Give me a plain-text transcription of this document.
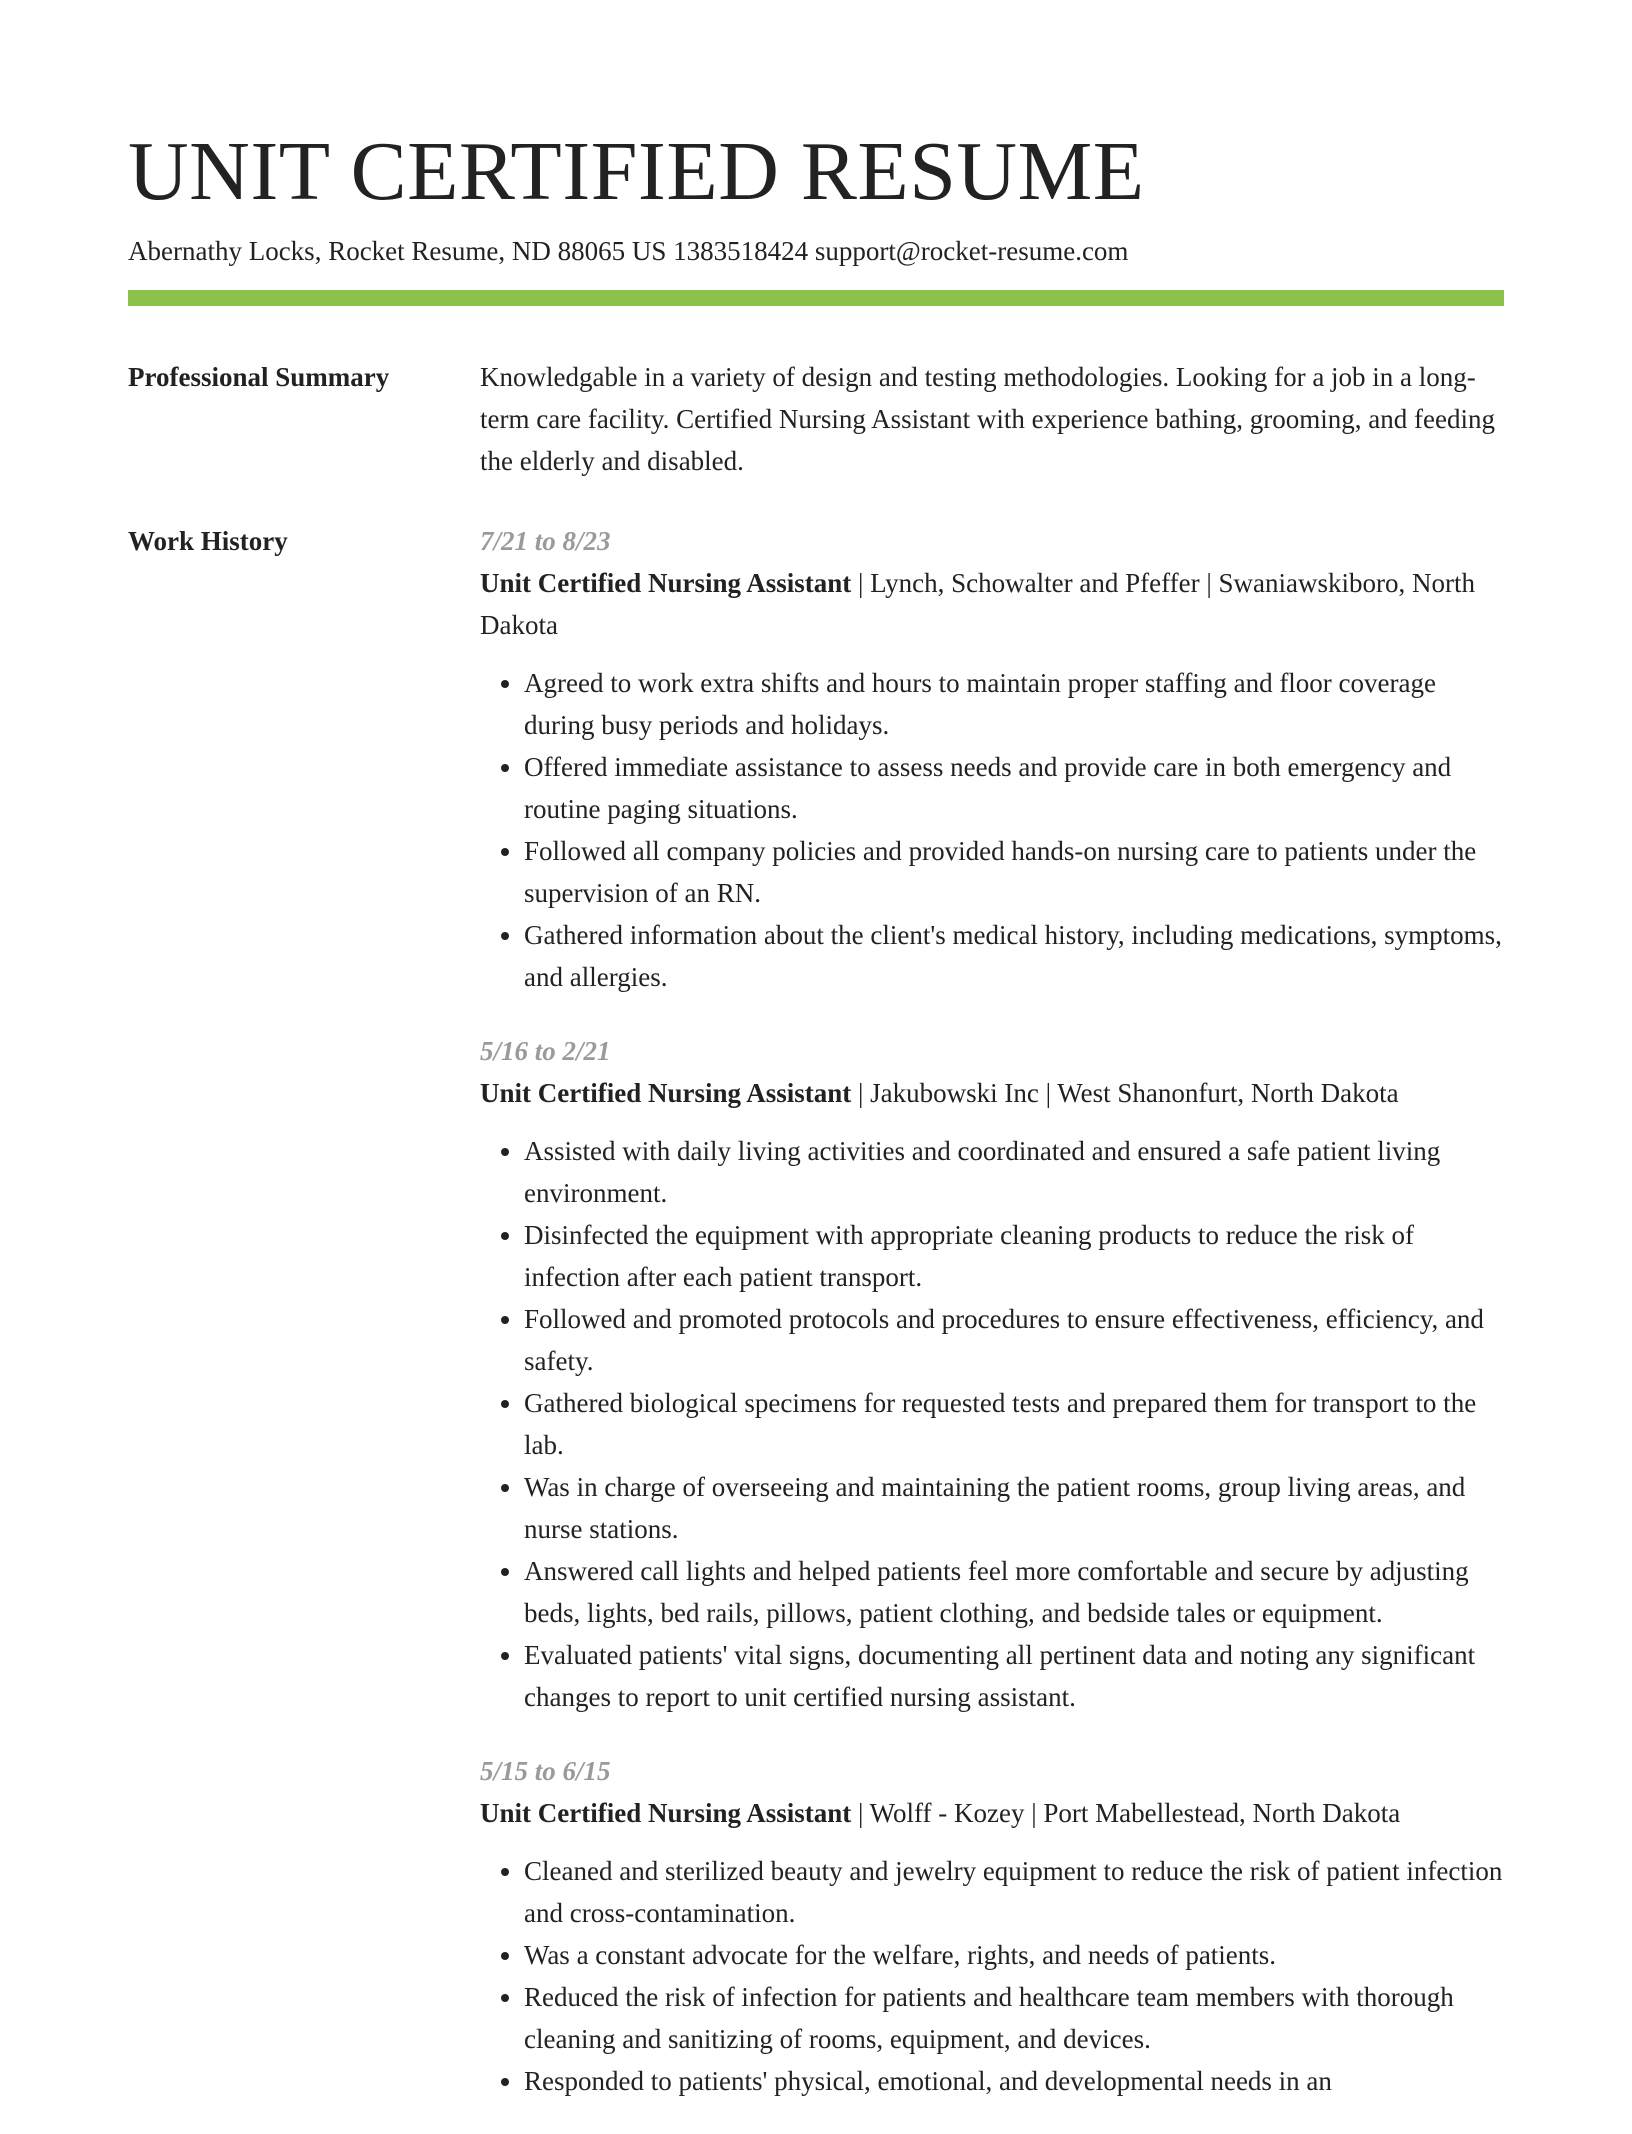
UNIT CERTIFIED RESUME
Abernathy Locks, Rocket Resume, ND 88065 US 1383518424 support@rocket-resume.com
Professional Summary	Knowledgable in a variety of design and testing methodologies. Looking for a job in a long-term care facility. Certified Nursing Assistant with experience bathing, grooming, and feeding the elderly and disabled.
Work History	7/21 to 8/23
Unit Certified Nursing Assistant | Lynch, Schowalter and Pfeffer | Swaniawskiboro, North Dakota
• Agreed to work extra shifts and hours to maintain proper staffing and floor coverage during busy periods and holidays.
• Offered immediate assistance to assess needs and provide care in both emergency and routine paging situations.
• Followed all company policies and provided hands-on nursing care to patients under the supervision of an RN.
• Gathered information about the client's medical history, including medications, symptoms, and allergies.
5/16 to 2/21
Unit Certified Nursing Assistant | Jakubowski Inc | West Shanonfurt, North Dakota
• Assisted with daily living activities and coordinated and ensured a safe patient living environment.
• Disinfected the equipment with appropriate cleaning products to reduce the risk of infection after each patient transport.
• Followed and promoted protocols and procedures to ensure effectiveness, efficiency, and safety.
• Gathered biological specimens for requested tests and prepared them for transport to the lab.
• Was in charge of overseeing and maintaining the patient rooms, group living areas, and nurse stations.
• Answered call lights and helped patients feel more comfortable and secure by adjusting beds, lights, bed rails, pillows, patient clothing, and bedside tales or equipment.
• Evaluated patients' vital signs, documenting all pertinent data and noting any significant changes to report to unit certified nursing assistant.
5/15 to 6/15
Unit Certified Nursing Assistant | Wolff - Kozey | Port Mabellestead, North Dakota
• Cleaned and sterilized beauty and jewelry equipment to reduce the risk of patient infection and cross-contamination.
• Was a constant advocate for the welfare, rights, and needs of patients.
• Reduced the risk of infection for patients and healthcare team members with thorough cleaning and sanitizing of rooms, equipment, and devices.
• Responded to patients' physical, emotional, and developmental needs in an
